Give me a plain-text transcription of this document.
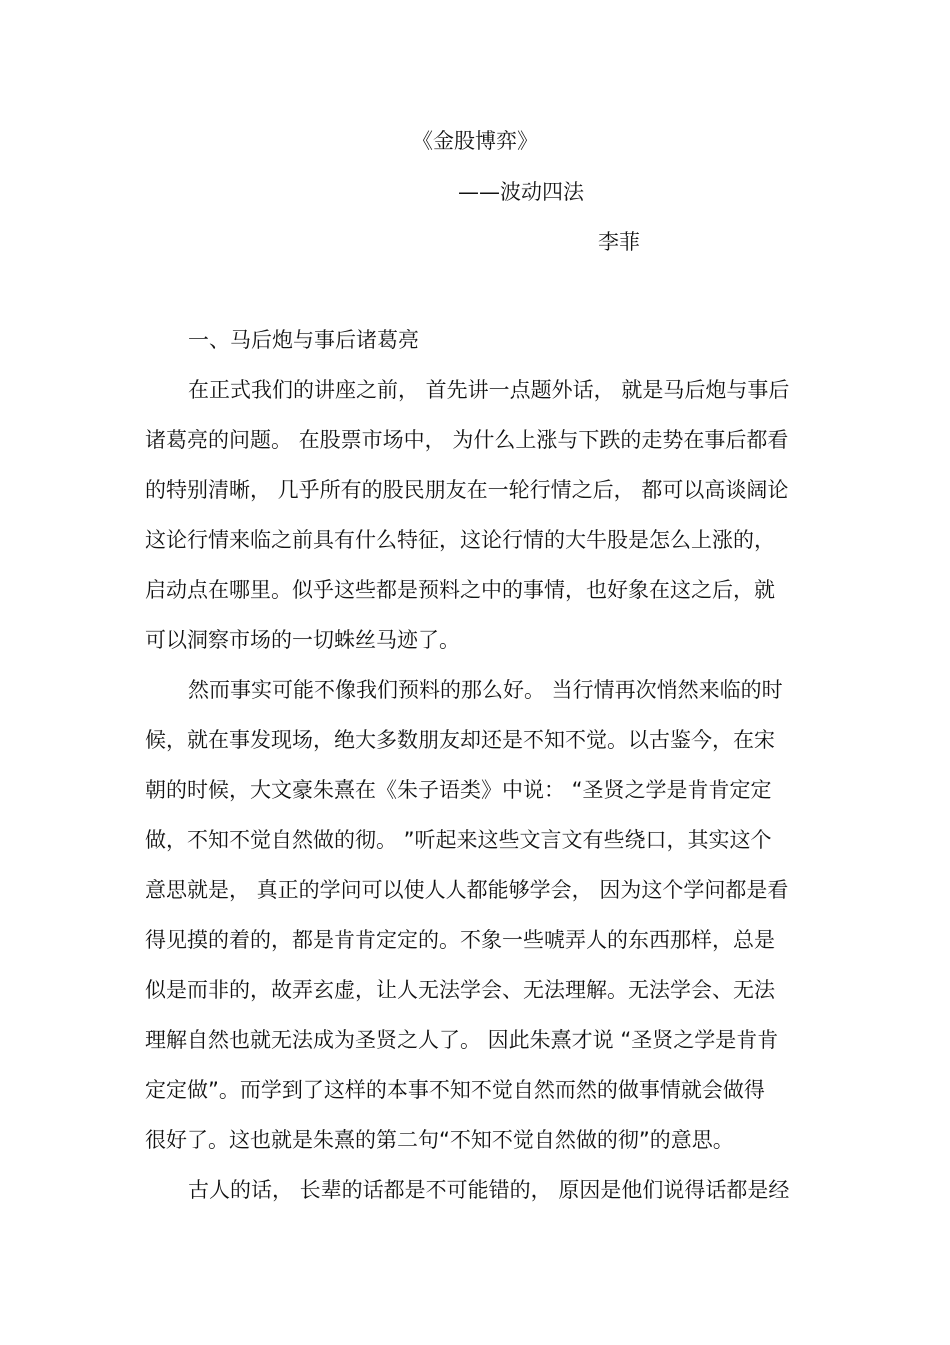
《金股博弈》
——波动四法
李菲
一、马后炮与事后诸葛亮
在正式我们的讲座之前， 首先讲一点题外话， 就是马后炮与事后
诸葛亮的问题。 在股票市场中， 为什么上涨与下跌的走势在事后都看
的特别清晰， 几乎所有的股民朋友在一轮行情之后， 都可以高谈阔论
这论行情来临之前具有什么特征，这论行情的大牛股是怎么上涨的，
启动点在哪里。似乎这些都是预料之中的事情，也好象在这之后，就
可以洞察市场的一切蛛丝马迹了。
然而事实可能不像我们预料的那么好。 当行情再次悄然来临的时
候，就在事发现场，绝大多数朋友却还是不知不觉。以古鉴今，在宋
朝的时候，大文豪朱熹在《朱子语类》中说： “圣贤之学是肯肯定定
做，不知不觉自然做的彻。 ”听起来这些文言文有些绕口，其实这个
意思就是， 真正的学问可以使人人都能够学会， 因为这个学问都是看
得见摸的着的，都是肯肯定定的。不象一些唬弄人的东西那样，总是
似是而非的，故弄玄虚，让人无法学会、无法理解。无法学会、无法
理解自然也就无法成为圣贤之人了。 因此朱熹才说 “圣贤之学是肯肯
定定做”。而学到了这样的本事不知不觉自然而然的做事情就会做得
很好了。这也就是朱熹的第二句“不知不觉自然做的彻”的意思。
古人的话， 长辈的话都是不可能错的， 原因是他们说得话都是经
